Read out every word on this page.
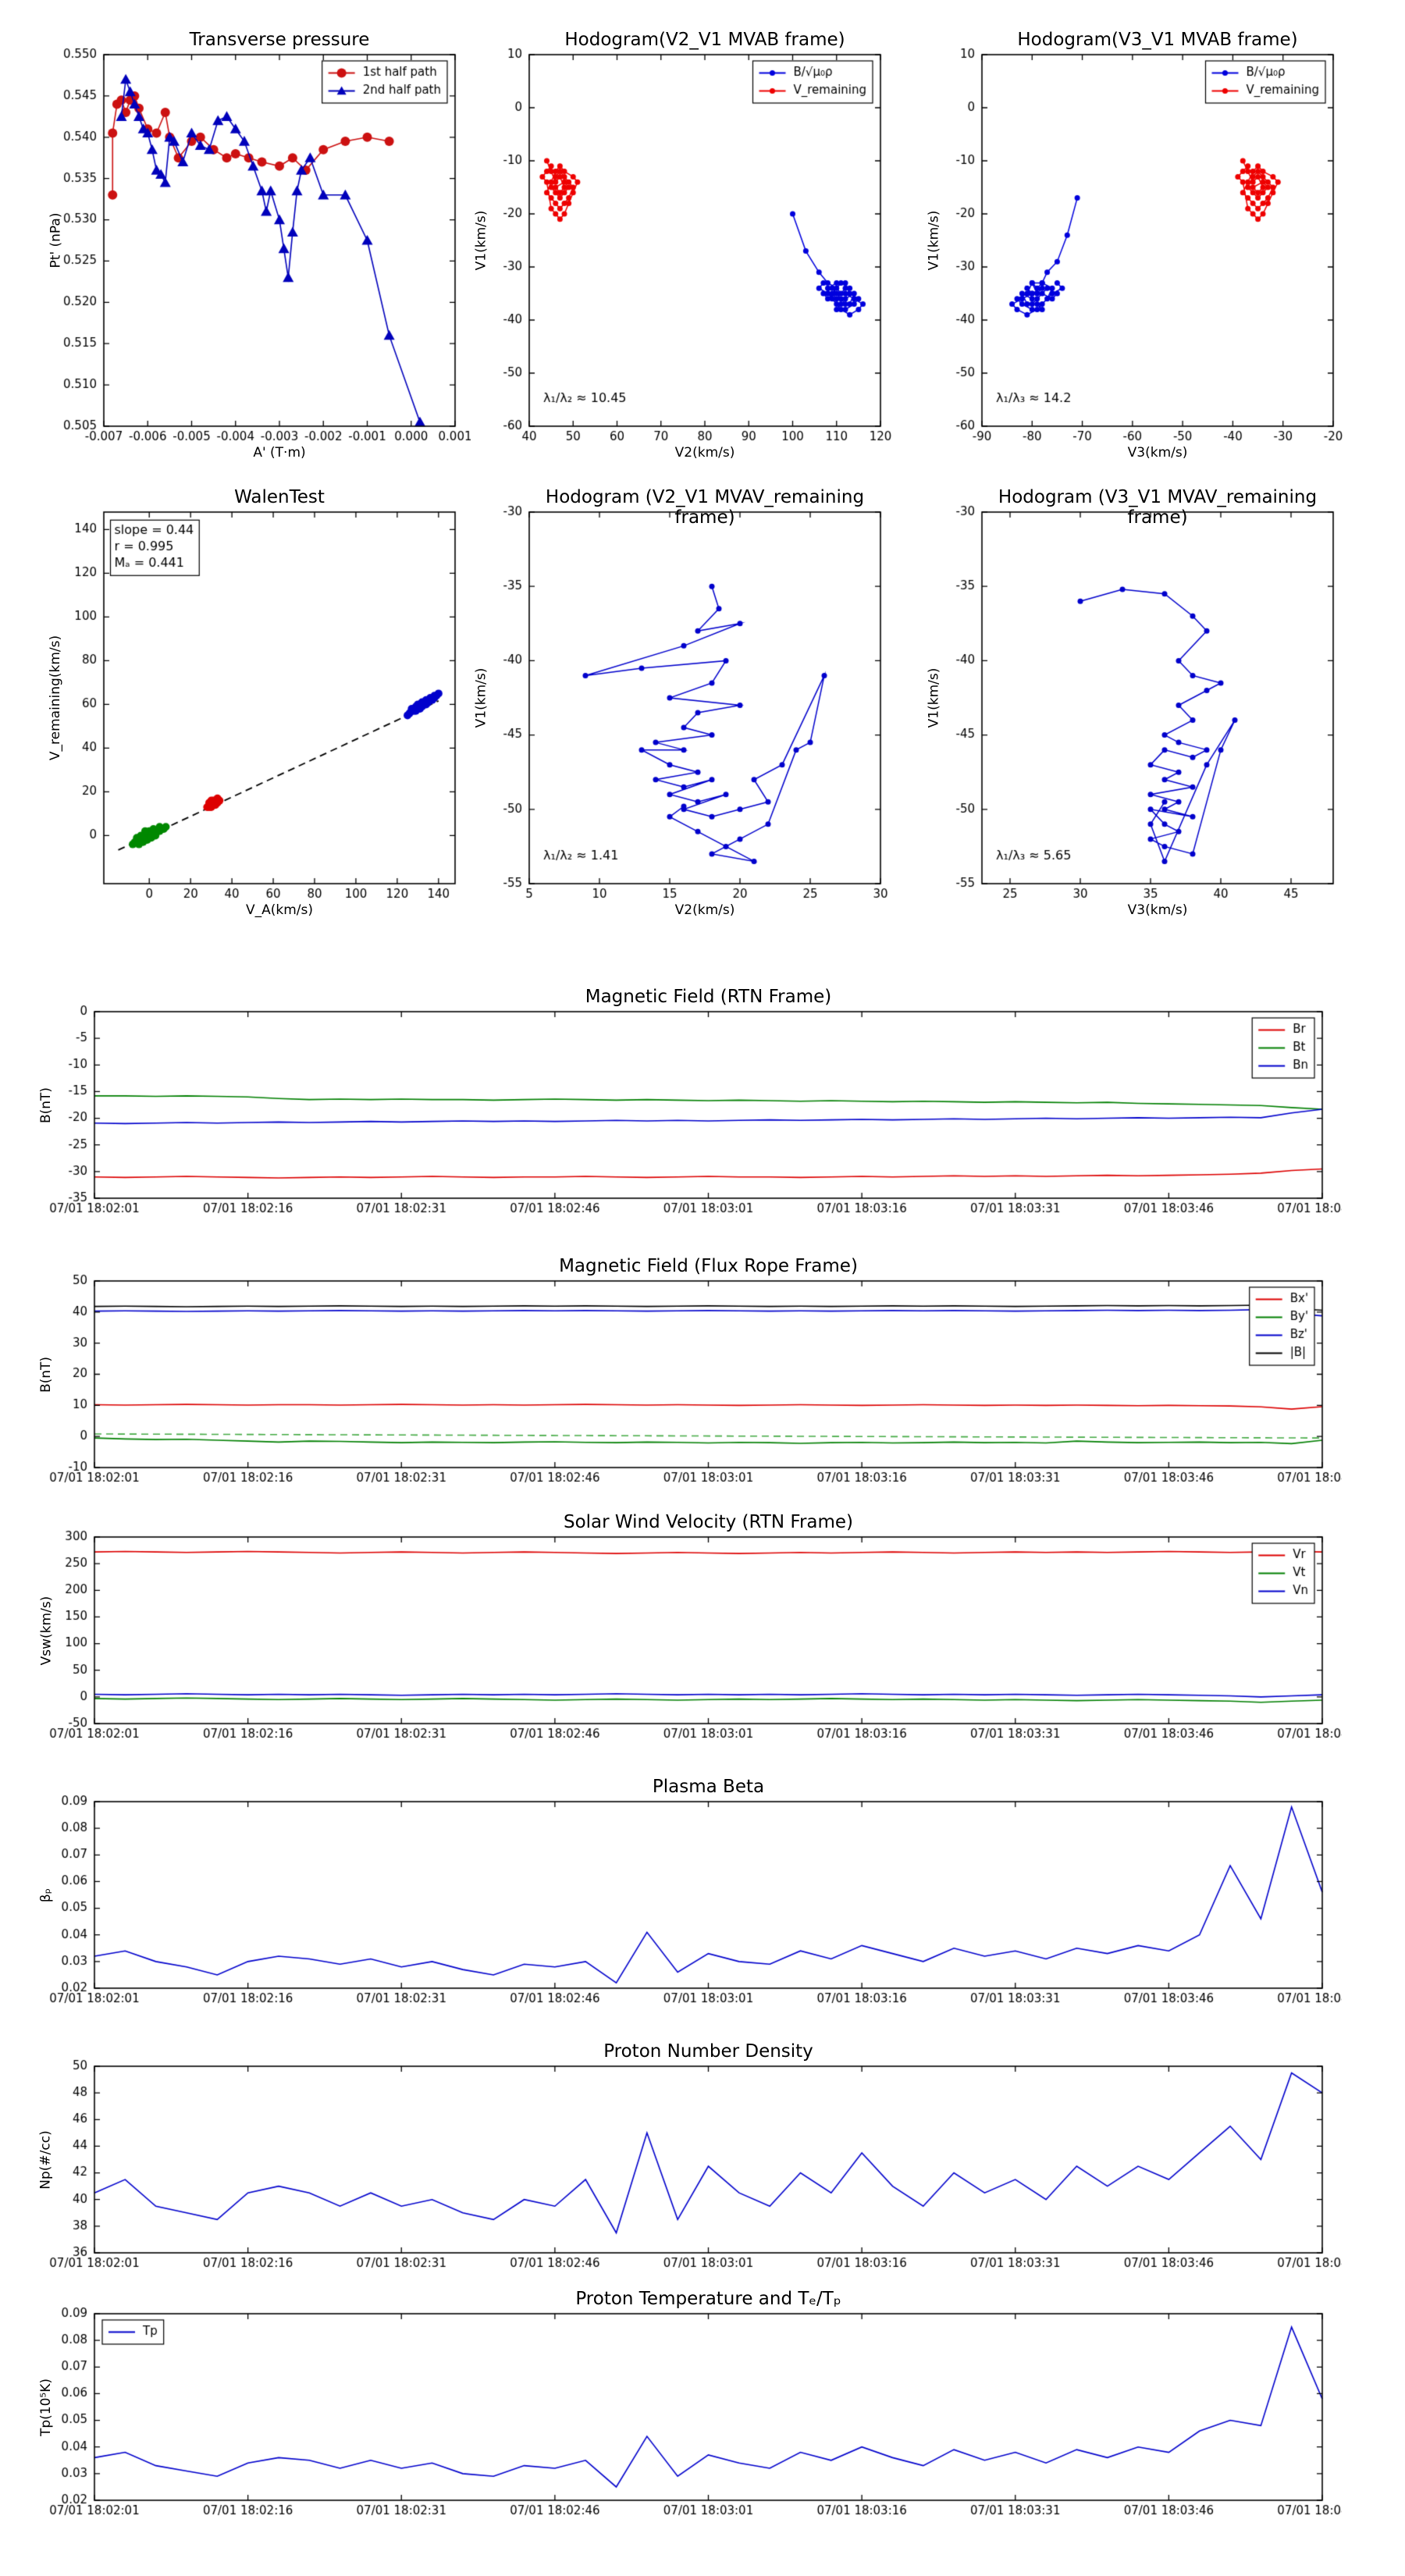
Transverse pressure
Pt' (nPa)
A' (T·m)
Hodogram(V2_V1 MVAB frame)
V1(km/s)
V2(km/s)
Hodogram(V3_V1 MVAB frame)
V1(km/s)
V3(km/s)
WalenTest
V_remaining(km/s)
V_A(km/s)
Hodogram (V2_V1 MVAV_remaining frame)
V1(km/s)
V2(km/s)
Hodogram (V3_V1 MVAV_remaining frame)
V1(km/s)
V3(km/s)
Magnetic Field (RTN Frame)
B(nT)
Magnetic Field (Flux Rope Frame)
B(nT)
Solar Wind Velocity (RTN Frame)
Vsw(km/s)
Plasma Beta
βₚ
Proton Number Density
Np(#/cc)
Proton Temperature and Tₑ/Tₚ
Tp(10⁵K)
